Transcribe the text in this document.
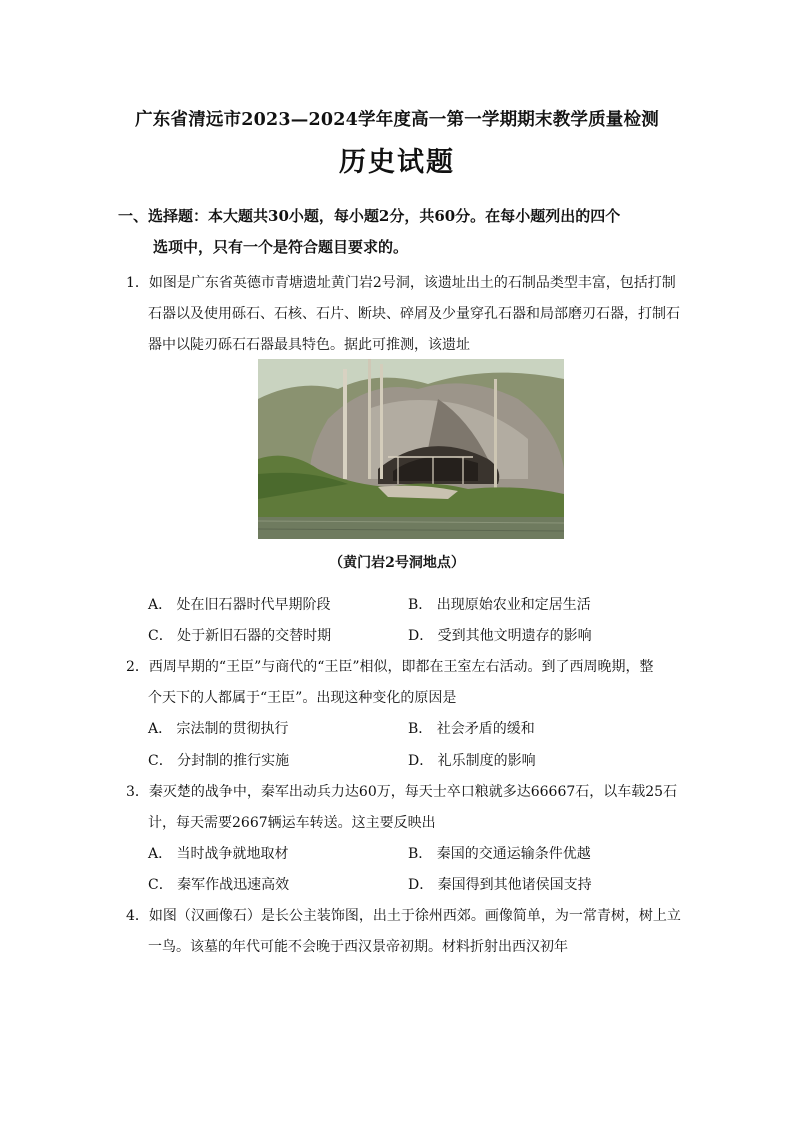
广东省清远市2023—2024学年度高一第一学期期末教学质量检测
历史试题
一、选择题：本大题共30小题，每小题2分，共60分。在每小题列出的四个
选项中，只有一个是符合题目要求的。
1．如图是广东省英德市青塘遗址黄门岩2号洞，该遗址出土的石制品类型丰富，包括打制
石器以及使用砾石、石核、石片、断块、碎屑及少量穿孔石器和局部磨刃石器，打制石
器中以陡刃砾石石器最具特色。据此可推测，该遗址
（黄门岩2号洞地点）
A． 处在旧石器时代早期阶段	B． 出现原始农业和定居生活
C． 处于新旧石器的交替时期	D． 受到其他文明遗存的影响
2．西周早期的“王臣”与商代的“王臣”相似，即都在王室左右活动。到了西周晚期，整
个天下的人都属于“王臣”。出现这种变化的原因是
A． 宗法制的贯彻执行	B． 社会矛盾的缓和
C． 分封制的推行实施	D． 礼乐制度的影响
3．秦灭楚的战争中，秦军出动兵力达60万，每天士卒口粮就多达66667石，以车载25石
计，每天需要2667辆运车转送。这主要反映出
A． 当时战争就地取材	B． 秦国的交通运输条件优越
C． 秦军作战迅速高效	D． 秦国得到其他诸侯国支持
4．如图（汉画像石）是长公主装饰图，出土于徐州西郊。画像简单，为一常青树，树上立
一鸟。该墓的年代可能不会晚于西汉景帝初期。材料折射出西汉初年
